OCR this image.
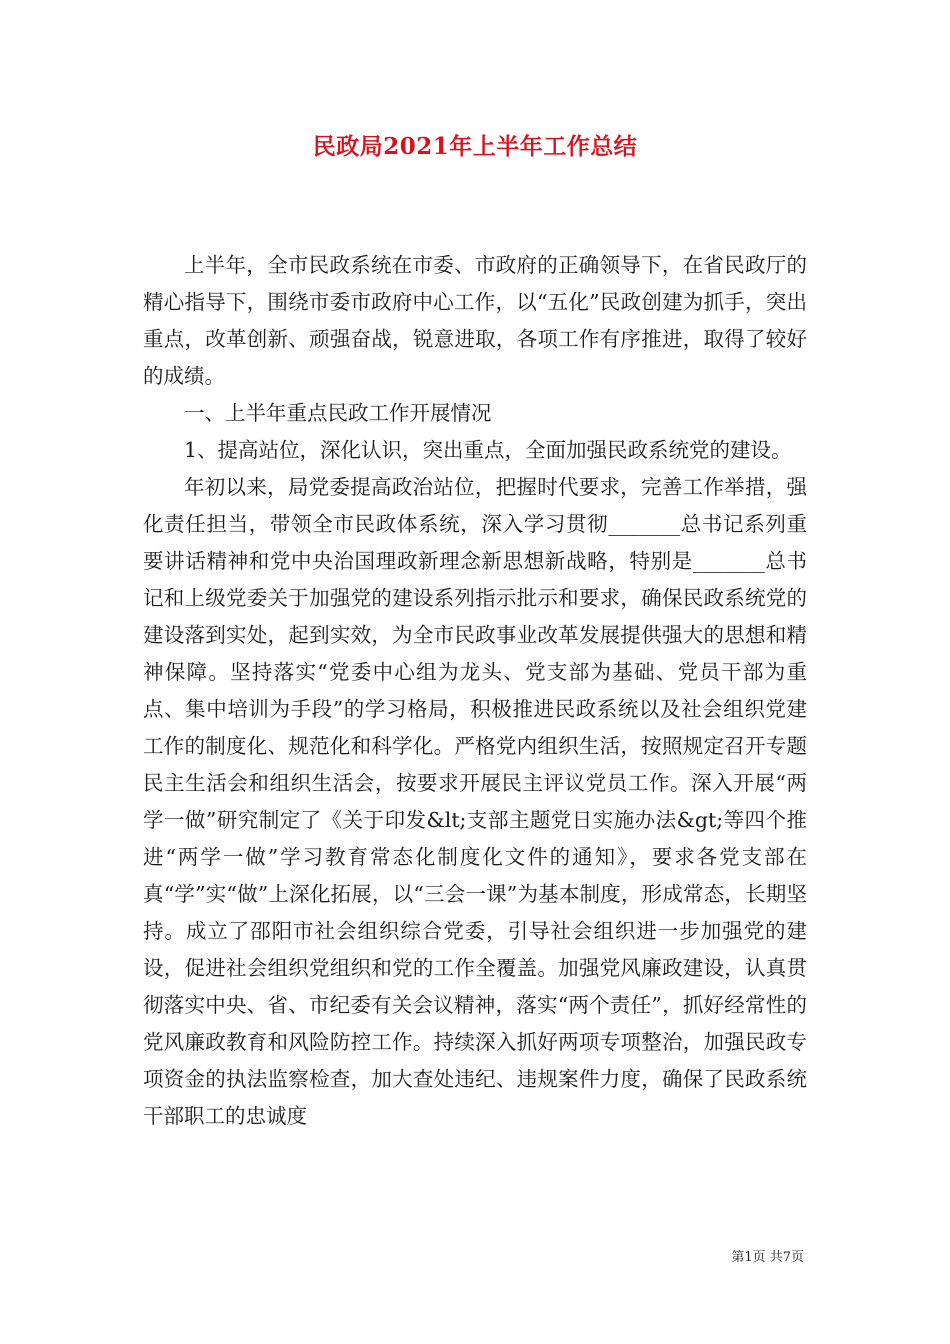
民政局2021年上半年工作总结

上半年，全市民政系统在市委、市政府的正确领导下，在省民政厅的精心指导下，围绕市委市政府中心工作，以“五化”民政创建为抓手，突出重点，改革创新、顽强奋战，锐意进取，各项工作有序推进，取得了较好的成绩。

一、上半年重点民政工作开展情况

1、提高站位，深化认识，突出重点，全面加强民政系统党的建设。

年初以来，局党委提高政治站位，把握时代要求，完善工作举措，强化责任担当，带领全市民政体系统，深入学习贯彻_______总书记系列重要讲话精神和党中央治国理政新理念新思想新战略，特别是_______总书记和上级党委关于加强党的建设系列指示批示和要求，确保民政系统党的建设落到实处，起到实效，为全市民政事业改革发展提供强大的思想和精神保障。坚持落实“党委中心组为龙头、党支部为基础、党员干部为重点、集中培训为手段”的学习格局，积极推进民政系统以及社会组织党建工作的制度化、规范化和科学化。严格党内组织生活，按照规定召开专题民主生活会和组织生活会，按要求开展民主评议党员工作。深入开展“两学一做”研究制定了《关于印发&lt;支部主题党日实施办法&gt;等四个推进“两学一做”学习教育常态化制度化文件的通知》，要求各党支部在真“学”实“做”上深化拓展，以“三会一课”为基本制度，形成常态，长期坚持。成立了邵阳市社会组织综合党委，引导社会组织进一步加强党的建设，促进社会组织党组织和党的工作全覆盖。加强党风廉政建设，认真贯彻落实中央、省、市纪委有关会议精神，落实“两个责任”，抓好经常性的党风廉政教育和风险防控工作。持续深入抓好两项专项整治，加强民政专项资金的执法监察检查，加大查处违纪、违规案件力度，确保了民政系统干部职工的忠诚度

第1页 共7页
